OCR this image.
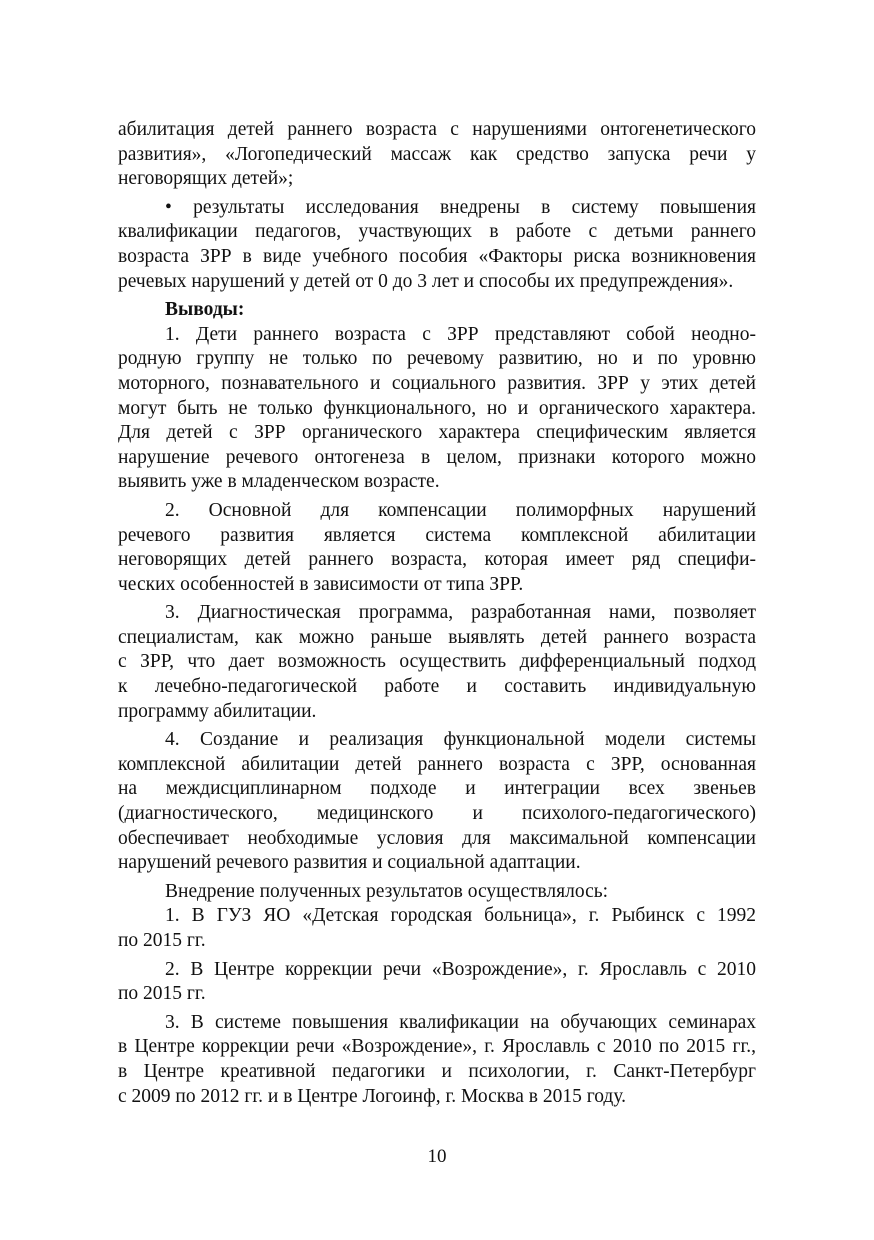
абилитация детей раннего возраста с нарушениями онтогенетического
развития», «Логопедический массаж как средство запуска речи у
неговорящих детей»;
• результаты исследования внедрены в систему повышения
квалификации педагогов, участвующих в работе с детьми раннего
возраста ЗРР в виде учебного пособия «Факторы риска возникновения
речевых нарушений у детей от 0 до 3 лет и способы их предупреждения».
Выводы:
1. Дети раннего возраста с ЗРР представляют собой неодно-
родную группу не только по речевому развитию, но и по уровню
моторного, познавательного и социального развития. ЗРР у этих детей
могут быть не только функционального, но и органического характера.
Для детей с ЗРР органического характера специфическим является
нарушение речевого онтогенеза в целом, признаки которого можно
выявить уже в младенческом возрасте.
2. Основной для компенсации полиморфных нарушений
речевого развития является система комплексной абилитации
неговорящих детей раннего возраста, которая имеет ряд специфи-
ческих особенностей в зависимости от типа ЗРР.
3. Диагностическая программа, разработанная нами, позволяет
специалистам, как можно раньше выявлять детей раннего возраста
с ЗРР, что дает возможность осуществить дифференциальный подход
к лечебно-педагогической работе и составить индивидуальную
программу абилитации.
4. Создание и реализация функциональной модели системы
комплексной абилитации детей раннего возраста с ЗРР, основанная
на междисциплинарном подходе и интеграции всех звеньев
(диагностического, медицинского и психолого-педагогического)
обеспечивает необходимые условия для максимальной компенсации
нарушений речевого развития и социальной адаптации.
Внедрение полученных результатов осуществлялось:
1. В ГУЗ ЯО «Детская городская больница», г. Рыбинск с 1992
по 2015 гг.
2. В Центре коррекции речи «Возрождение», г. Ярославль с 2010
по 2015 гг.
3. В системе повышения квалификации на обучающих семинарах
в Центре коррекции речи «Возрождение», г. Ярославль с 2010 по 2015 гг.,
в Центре креативной педагогики и психологии, г. Санкт-Петербург
с 2009 по 2012 гг. и в Центре Логоинф, г. Москва в 2015 году.
10
